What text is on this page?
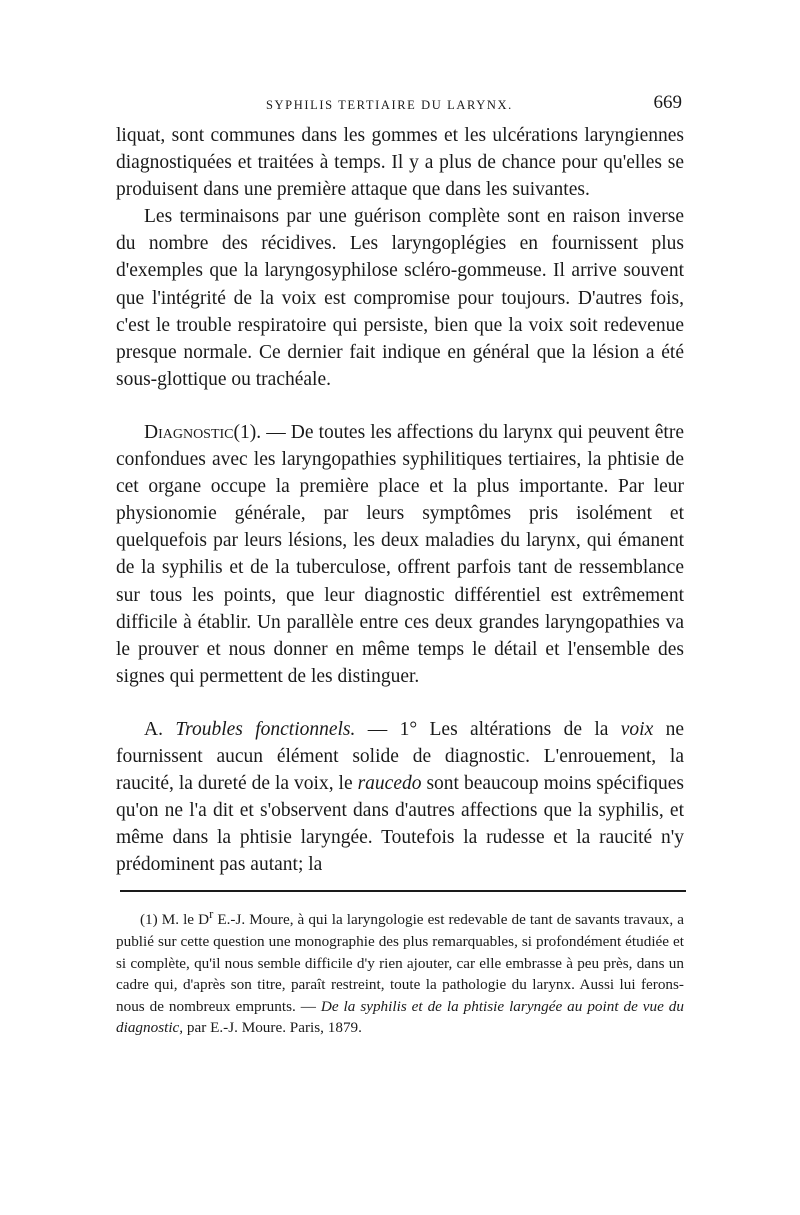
SYPHILIS TERTIAIRE DU LARYNX.	669

liquat, sont communes dans les gommes et les ulcérations laryngiennes diagnostiquées et traitées à temps. Il y a plus de chance pour qu'elles se produisent dans une première attaque que dans les suivantes.

Les terminaisons par une guérison complète sont en raison inverse du nombre des récidives. Les laryngoplégies en fournissent plus d'exemples que la laryngosyphilose scléro-gommeuse. Il arrive souvent que l'intégrité de la voix est compromise pour toujours. D'autres fois, c'est le trouble respiratoire qui persiste, bien que la voix soit redevenue presque normale. Ce dernier fait indique en général que la lésion a été sous-glottique ou trachéale.

Diagnostic(1). — De toutes les affections du larynx qui peuvent être confondues avec les laryngopathies syphilitiques tertiaires, la phtisie de cet organe occupe la première place et la plus importante. Par leur physionomie générale, par leurs symptômes pris isolément et quelquefois par leurs lésions, les deux maladies du larynx, qui émanent de la syphilis et de la tuberculose, offrent parfois tant de ressemblance sur tous les points, que leur diagnostic différentiel est extrêmement difficile à établir. Un parallèle entre ces deux grandes laryngopathies va le prouver et nous donner en même temps le détail et l'ensemble des signes qui permettent de les distinguer.

A. Troubles fonctionnels. — 1° Les altérations de la voix ne fournissent aucun élément solide de diagnostic. L'enrouement, la raucité, la dureté de la voix, le raucedo sont beaucoup moins spécifiques qu'on ne l'a dit et s'observent dans d'autres affections que la syphilis, et même dans la phtisie laryngée. Toutefois la rudesse et la raucité n'y prédominent pas autant; la

(1) M. le $D^r$ E.-J. Moure, à qui la laryngologie est redevable de tant de savants travaux, a publié sur cette question une monographie des plus remarquables, si profondément étudiée et si complète, qu'il nous semble difficile d'y rien ajouter, car elle embrasse à peu près, dans un cadre qui, d'après son titre, paraît restreint, toute la pathologie du larynx. Aussi lui ferons-nous de nombreux emprunts. — De la syphilis et de la phtisie laryngée au point de vue du diagnostic, par E.-J. Moure. Paris, 1879.
